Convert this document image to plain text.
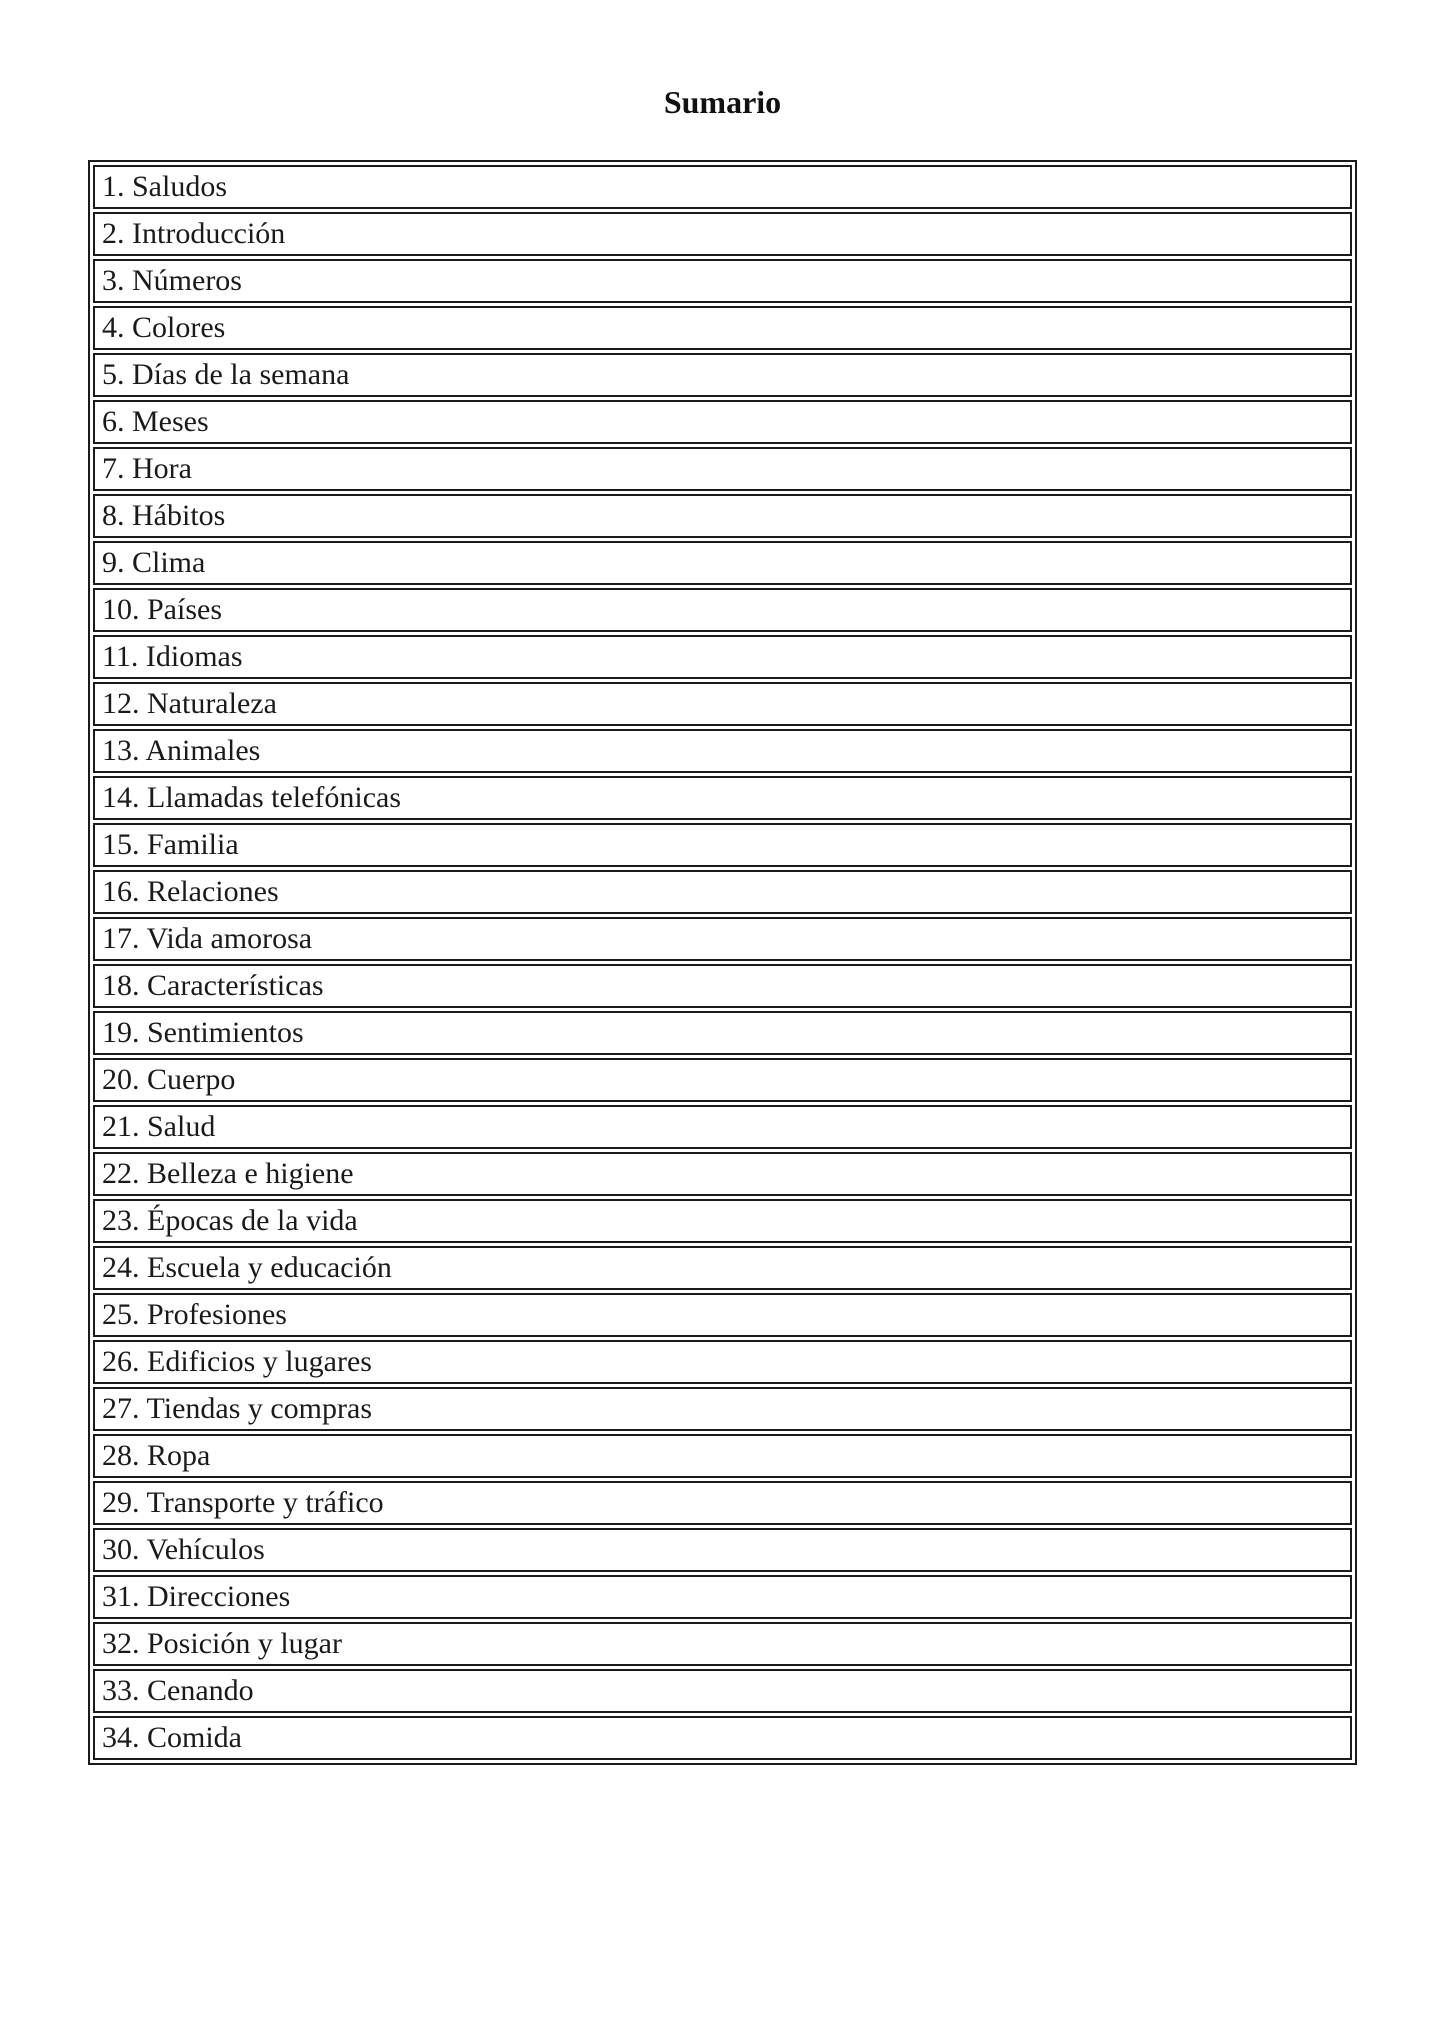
Sumario
1. Saludos
2. Introducción
3. Números
4. Colores
5. Días de la semana
6. Meses
7. Hora
8. Hábitos
9. Clima
10. Países
11. Idiomas
12. Naturaleza
13. Animales
14. Llamadas telefónicas
15. Familia
16. Relaciones
17. Vida amorosa
18. Características
19. Sentimientos
20. Cuerpo
21. Salud
22. Belleza e higiene
23. Épocas de la vida
24. Escuela y educación
25. Profesiones
26. Edificios y lugares
27. Tiendas y compras
28. Ropa
29. Transporte y tráfico
30. Vehículos
31. Direcciones
32. Posición y lugar
33. Cenando
34. Comida
